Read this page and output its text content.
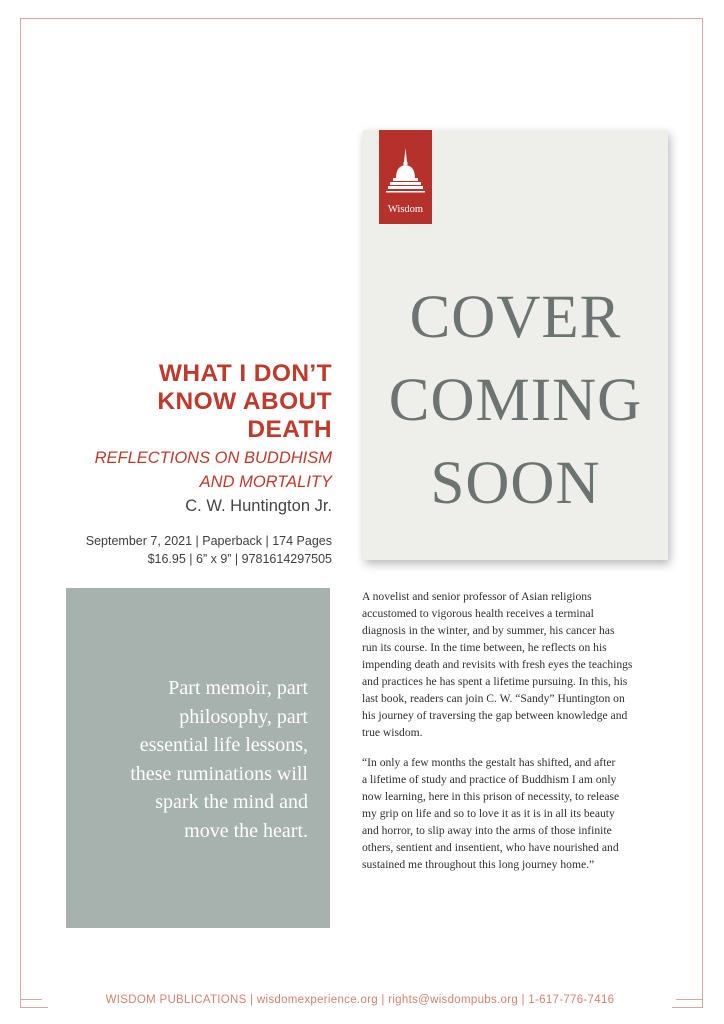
Wisdom
COVER
COMING
SOON
WHAT I DON’T
KNOW ABOUT
DEATH
REFLECTIONS ON BUDDHISM
AND MORTALITY
C. W. Huntington Jr.
September 7, 2021 | Paperback | 174 Pages
$16.95 | 6” x 9” | 9781614297505
Part memoir, part
philosophy, part
essential life lessons,
these ruminations will
spark the mind and
move the heart.

A novelist and senior professor of Asian religions
accustomed to vigorous health receives a terminal
diagnosis in the winter, and by summer, his cancer has
run its course. In the time between, he reflects on his
impending death and revisits with fresh eyes the teachings
and practices he has spent a lifetime pursuing. In this, his
last book, readers can join C. W. “Sandy” Huntington on
his journey of traversing the gap between knowledge and
true wisdom.

“In only a few months the gestalt has shifted, and after
a lifetime of study and practice of Buddhism I am only
now learning, here in this prison of necessity, to release
my grip on life and so to love it as it is in all its beauty
and horror, to slip away into the arms of those infinite
others, sentient and insentient, who have nourished and
sustained me throughout this long journey home.”

WISDOM PUBLICATIONS | wisdomexperience.org | rights@wisdompubs.org | 1-617-776-7416
